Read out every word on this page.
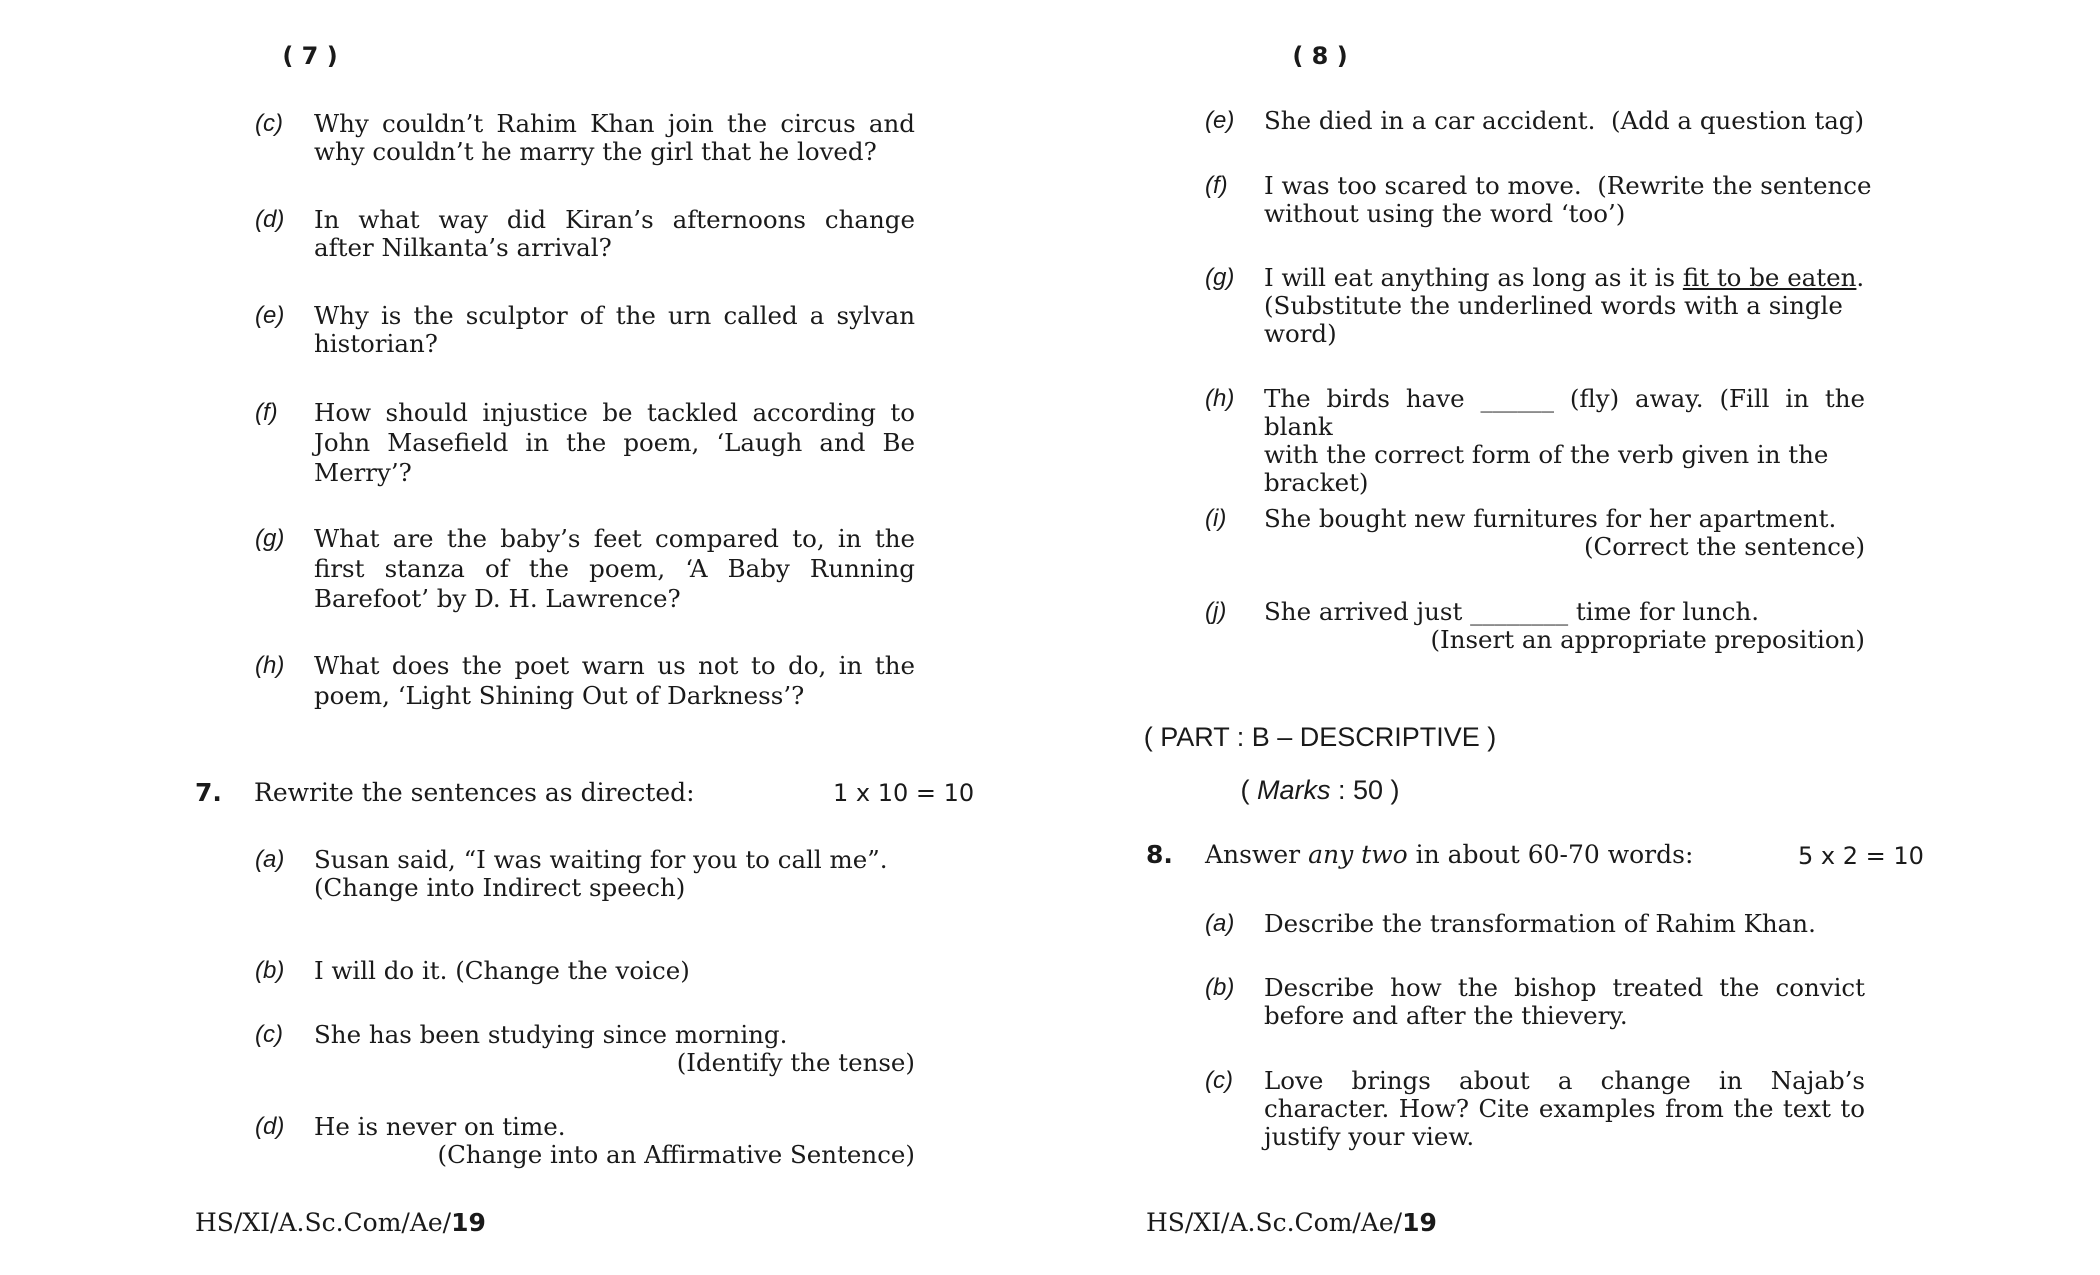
( 7 )
(c) Why couldn’t Rahim Khan join the circus and why couldn’t he marry the girl that he loved?
(d) In what way did Kiran’s afternoons change after Nilkanta’s arrival?
(e) Why is the sculptor of the urn called a sylvan historian?
(f) How should injustice be tackled according to John Masefield in the poem, ‘Laugh and Be Merry’?
(g) What are the baby’s feet compared to, in the first stanza of the poem, ‘A Baby Running Barefoot’ by D. H. Lawrence?
(h) What does the poet warn us not to do, in the poem, ‘Light Shining Out of Darkness’?
7. Rewrite the sentences as directed:	1 x 10 = 10
(a) Susan said, “I was waiting for you to call me”.
(Change into Indirect speech)
(b) I will do it. (Change the voice)
(c) She has been studying since morning.
(Identify the tense)
(d) He is never on time.
(Change into an Affirmative Sentence)
HS/XI/A.Sc.Com/Ae/19
( 8 )
(e) She died in a car accident.  (Add a question tag)
(f) I was too scared to move.  (Rewrite the sentence
without using the word ‘too’)
(g) I will eat anything as long as it is fit to be eaten.
(Substitute the underlined words with a single
word)
(h) The birds have ______ (fly) away. (Fill in the blank
with the correct form of the verb given in the
bracket)
(i) She bought new furnitures for her apartment.
(Correct the sentence)
(j) She arrived just ________ time for lunch.
(Insert an appropriate preposition)
( PART : B – DESCRIPTIVE )
( Marks : 50 )
8. Answer any two in about 60-70 words:	5 x 2 = 10
(a) Describe the transformation of Rahim Khan.
(b) Describe how the bishop treated the convict before and after the thievery.
(c) Love brings about a change in Najab’s character. How? Cite examples from the text to justify your view.
HS/XI/A.Sc.Com/Ae/19
